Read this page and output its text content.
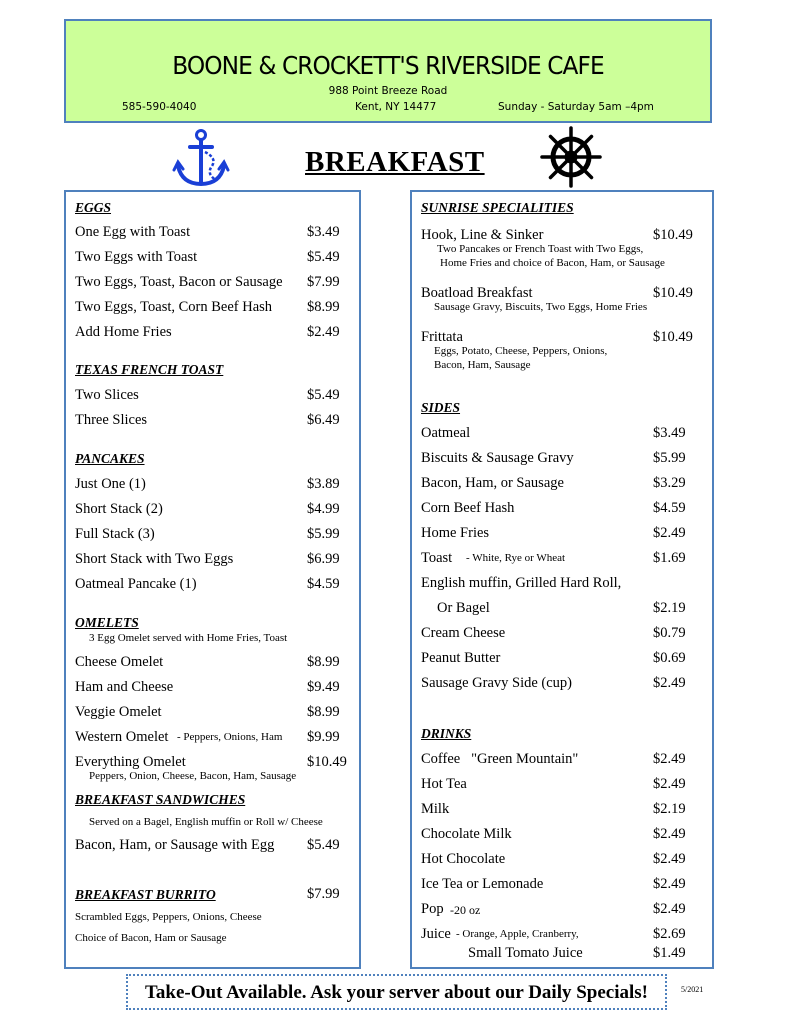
BOONE & CROCKETT'S RIVERSIDE CAFE
988 Point Breeze Road
585-590-4040	Kent, NY 14477	Sunday - Saturday 5am –4pm
BREAKFAST
EGGS
One Egg with Toast	$3.49
Two Eggs with Toast	$5.49
Two Eggs, Toast, Bacon or Sausage $7.99
Two Eggs, Toast, Corn Beef Hash $8.99
Add Home Fries	$2.49
TEXAS FRENCH TOAST
Two Slices	$5.49
Three Slices	$6.49
PANCAKES
Just One (1)	$3.89
Short Stack (2)	$4.99
Full Stack (3)	$5.99
Short Stack with Two Eggs	$6.99
Oatmeal Pancake (1)	$4.59
OMELETS
3 Egg Omelet served with Home Fries, Toast
Cheese Omelet	$8.99
Ham and Cheese	$9.49
Veggie Omelet	$8.99
Western Omelet - Peppers, Onions, Ham $9.99
Everything Omelet	$10.49
Peppers, Onion, Cheese, Bacon, Ham, Sausage
BREAKFAST SANDWICHES
Served on a Bagel, English muffin or Roll w/ Cheese
Bacon, Ham, or Sausage with Egg $5.49
BREAKFAST BURRITO	$7.99
Scrambled Eggs, Peppers, Onions, Cheese
Choice of Bacon, Ham or Sausage
SUNRISE SPECIALITIES
Hook, Line & Sinker	$10.49
Two Pancakes or French Toast with Two Eggs,
Home Fries and choice of Bacon, Ham, or Sausage
Boatload Breakfast	$10.49
Sausage Gravy, Biscuits, Two Eggs, Home Fries
Frittata	$10.49
Eggs, Potato, Cheese, Peppers, Onions,
Bacon, Ham, Sausage
SIDES
Oatmeal	$3.49
Biscuits & Sausage Gravy	$5.99
Bacon, Ham, or Sausage	$3.29
Corn Beef Hash	$4.59
Home Fries	$2.49
Toast - White, Rye or Wheat	$1.69
English muffin, Grilled Hard Roll,
Or Bagel	$2.19
Cream Cheese	$0.79
Peanut Butter	$0.69
Sausage Gravy Side (cup)	$2.49
DRINKS
Coffee   "Green Mountain"	$2.49
Hot Tea	$2.49
Milk	$2.19
Chocolate Milk	$2.49
Hot Chocolate	$2.49
Ice Tea or Lemonade	$2.49
Pop -20 oz	$2.49
Juice - Orange, Apple, Cranberry,	$2.69
Small Tomato Juice	$1.49
Take-Out Available. Ask your server about our Daily Specials!	5/2021
